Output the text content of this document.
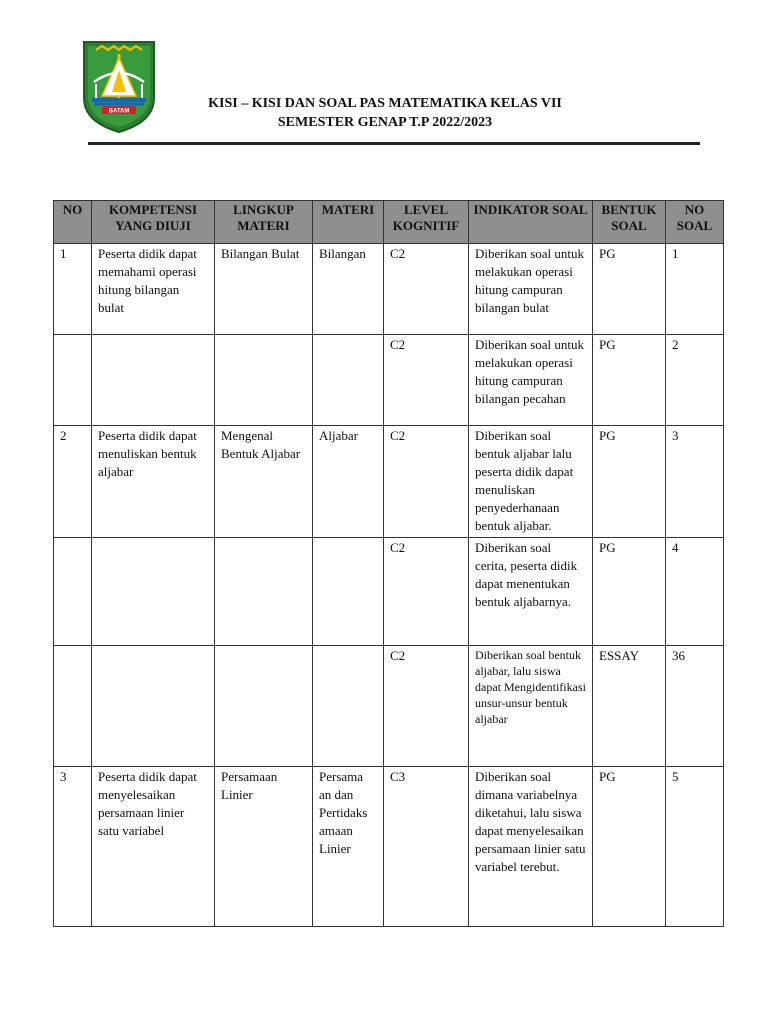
BATAM
KISI – KISI DAN SOAL PAS MATEMATIKA KELAS VII
SEMESTER GENAP T.P 2022/2023
NO	KOMPETENSI YANG DIUJI	LINGKUP MATERI	MATERI	LEVEL KOGNITIF	INDIKATOR SOAL	BENTUK SOAL	NO SOAL
1	Peserta didik dapat memahami operasi hitung bilangan bulat	Bilangan Bulat	Bilangan	C2	Diberikan soal untuk melakukan operasi hitung campuran bilangan bulat	PG	1
				C2	Diberikan soal untuk melakukan operasi hitung campuran bilangan pecahan	PG	2
2	Peserta didik dapat menuliskan bentuk aljabar	Mengenal Bentuk Aljabar	Aljabar	C2	Diberikan soal bentuk aljabar lalu peserta didik dapat menuliskan penyederhanaan bentuk aljabar.	PG	3
				C2	Diberikan soal cerita, peserta didik dapat menentukan bentuk aljabarnya.	PG	4
				C2	Diberikan soal bentuk aljabar, lalu siswa dapat Mengidentifikasi unsur-unsur bentuk aljabar	ESSAY	36
3	Peserta didik dapat menyelesaikan persamaan linier satu variabel	Persamaan Linier	Persama an dan Pertidaks amaan Linier	C3	Diberikan soal dimana variabelnya diketahui, lalu siswa dapat menyelesaikan persamaan linier satu variabel terebut.	PG	5
